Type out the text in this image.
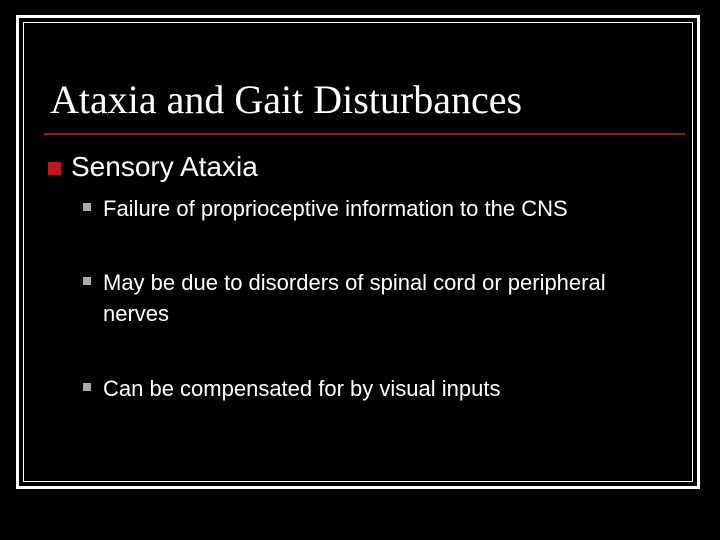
Ataxia and Gait Disturbances
Sensory Ataxia
Failure of proprioceptive information to the CNS
May be due to disorders of spinal cord or peripheral
nerves
Can be compensated for by visual inputs
